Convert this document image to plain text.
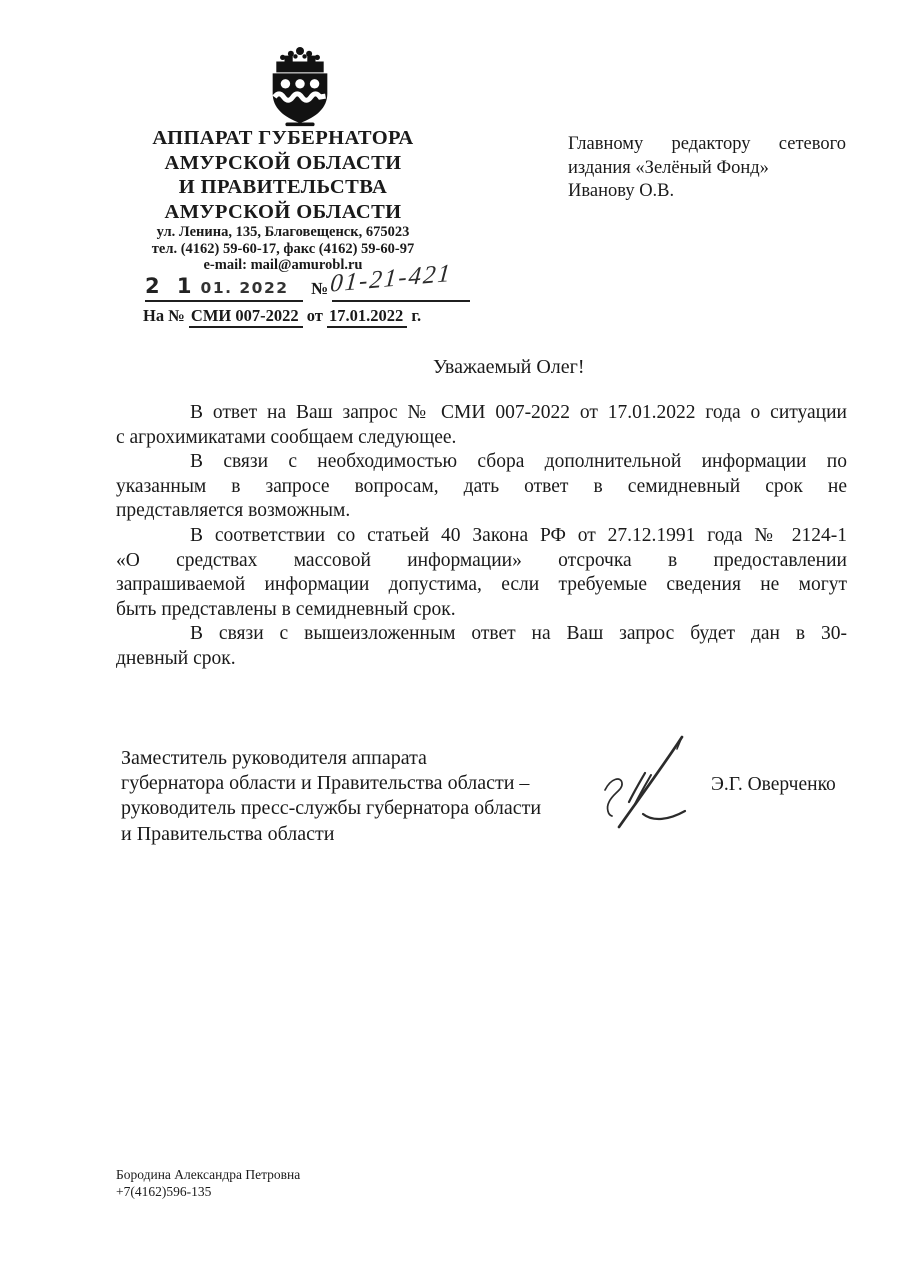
АППАРАТ ГУБЕРНАТОРА
АМУРСКОЙ ОБЛАСТИ
И ПРАВИТЕЛЬСТВА
АМУРСКОЙ ОБЛАСТИ
ул. Ленина, 135, Благовещенск, 675023
тел. (4162) 59-60-17, факс (4162) 59-60-97
e-mail: mail@amurobl.ru
2 1 01. 2022	№ 01-21-421
На № СМИ 007-2022 от 17.01.2022 г.
Главному редактору сетевого
издания «Зелёный Фонд»
Иванову О.В.
Уважаемый Олег!
В ответ на Ваш запрос № СМИ 007-2022 от 17.01.2022 года о ситуации
с агрохимикатами сообщаем следующее.
В связи с необходимостью сбора дополнительной информации по
указанным в запросе вопросам, дать ответ в семидневный срок не
представляется возможным.
В соответствии со статьей 40 Закона РФ от 27.12.1991 года № 2124-1
«О средствах массовой информации» отсрочка в предоставлении
запрашиваемой информации допустима, если требуемые сведения не могут
быть представлены в семидневный срок.
В связи с вышеизложенным ответ на Ваш запрос будет дан в 30-
дневный срок.
Заместитель руководителя аппарата
губернатора области и Правительства области –
руководитель пресс-службы губернатора области
и Правительства области
Э.Г. Оверченко
Бородина Александра Петровна
+7(4162)596-135
